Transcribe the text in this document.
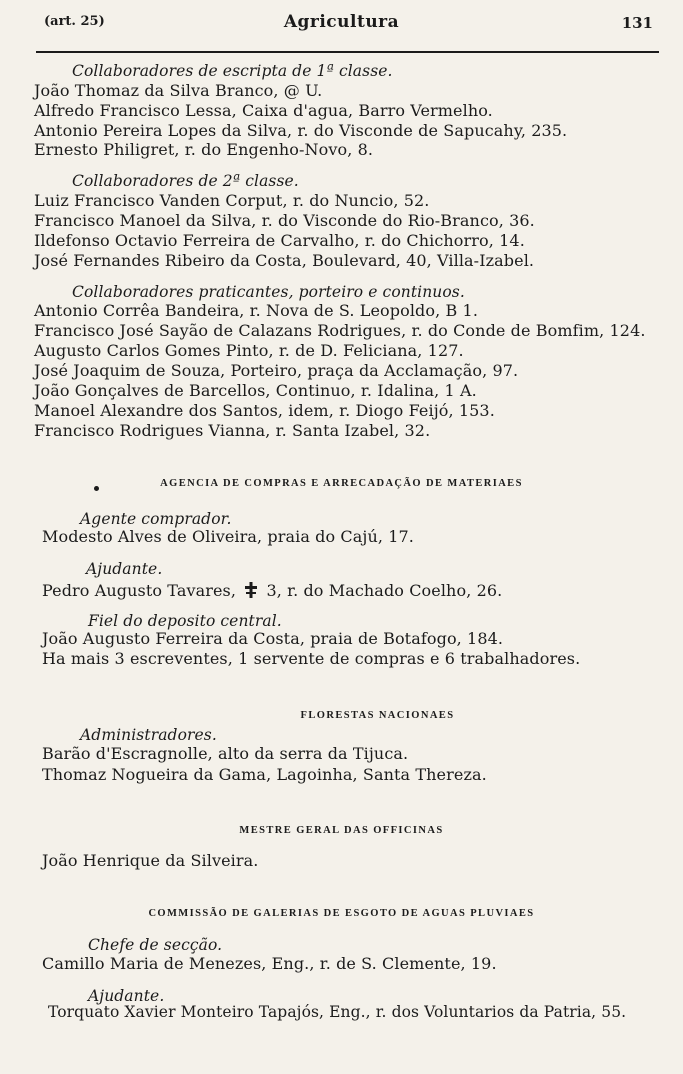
(art. 25)	Agricultura	131
Collaboradores de escripta de 1ª classe.
João Thomaz da Silva Branco, @ U.
Alfredo Francisco Lessa, Caixa d'agua, Barro Vermelho.
Antonio Pereira Lopes da Silva, r. do Visconde de Sapucahy, 235.
Ernesto Philigret, r. do Engenho-Novo, 8.
Collaboradores de 2ª classe.
Luiz Francisco Vanden Corput, r. do Nuncio, 52.
Francisco Manoel da Silva, r. do Visconde do Rio-Branco, 36.
Ildefonso Octavio Ferreira de Carvalho, r. do Chichorro, 14.
José Fernandes Ribeiro da Costa, Boulevard, 40, Villa-Izabel.
Collaboradores praticantes, porteiro e continuos.
Antonio Corrêa Bandeira, r. Nova de S. Leopoldo, B 1.
Francisco José Sayão de Calazans Rodrigues, r. do Conde de Bomfim, 124.
Augusto Carlos Gomes Pinto, r. de D. Feliciana, 127.
José Joaquim de Souza, Porteiro, praça da Acclamação, 97.
João Gonçalves de Barcellos, Continuo, r. Idalina, 1 A.
Manoel Alexandre dos Santos, idem, r. Diogo Feijó, 153.
Francisco Rodrigues Vianna, r. Santa Izabel, 32.
AGENCIA DE COMPRAS E ARRECADAÇÃO DE MATERIAES
Agente comprador.
Modesto Alves de Oliveira, praia do Cajú, 17.
Ajudante.
Pedro Augusto Tavares, 3, r. do Machado Coelho, 26.
Fiel do deposito central.
João Augusto Ferreira da Costa, praia de Botafogo, 184.
Ha mais 3 escreventes, 1 servente de compras e 6 trabalhadores.
FLORESTAS NACIONAES
Administradores.
Barão d'Escragnolle, alto da serra da Tijuca.
Thomaz Nogueira da Gama, Lagoinha, Santa Thereza.
MESTRE GERAL DAS OFFICINAS
João Henrique da Silveira.
COMMISSÃO DE GALERIAS DE ESGOTO DE AGUAS PLUVIAES
Chefe de secção.
Camillo Maria de Menezes, Eng., r. de S. Clemente, 19.
Ajudante.
Torquato Xavier Monteiro Tapajós, Eng., r. dos Voluntarios da Patria, 55.
